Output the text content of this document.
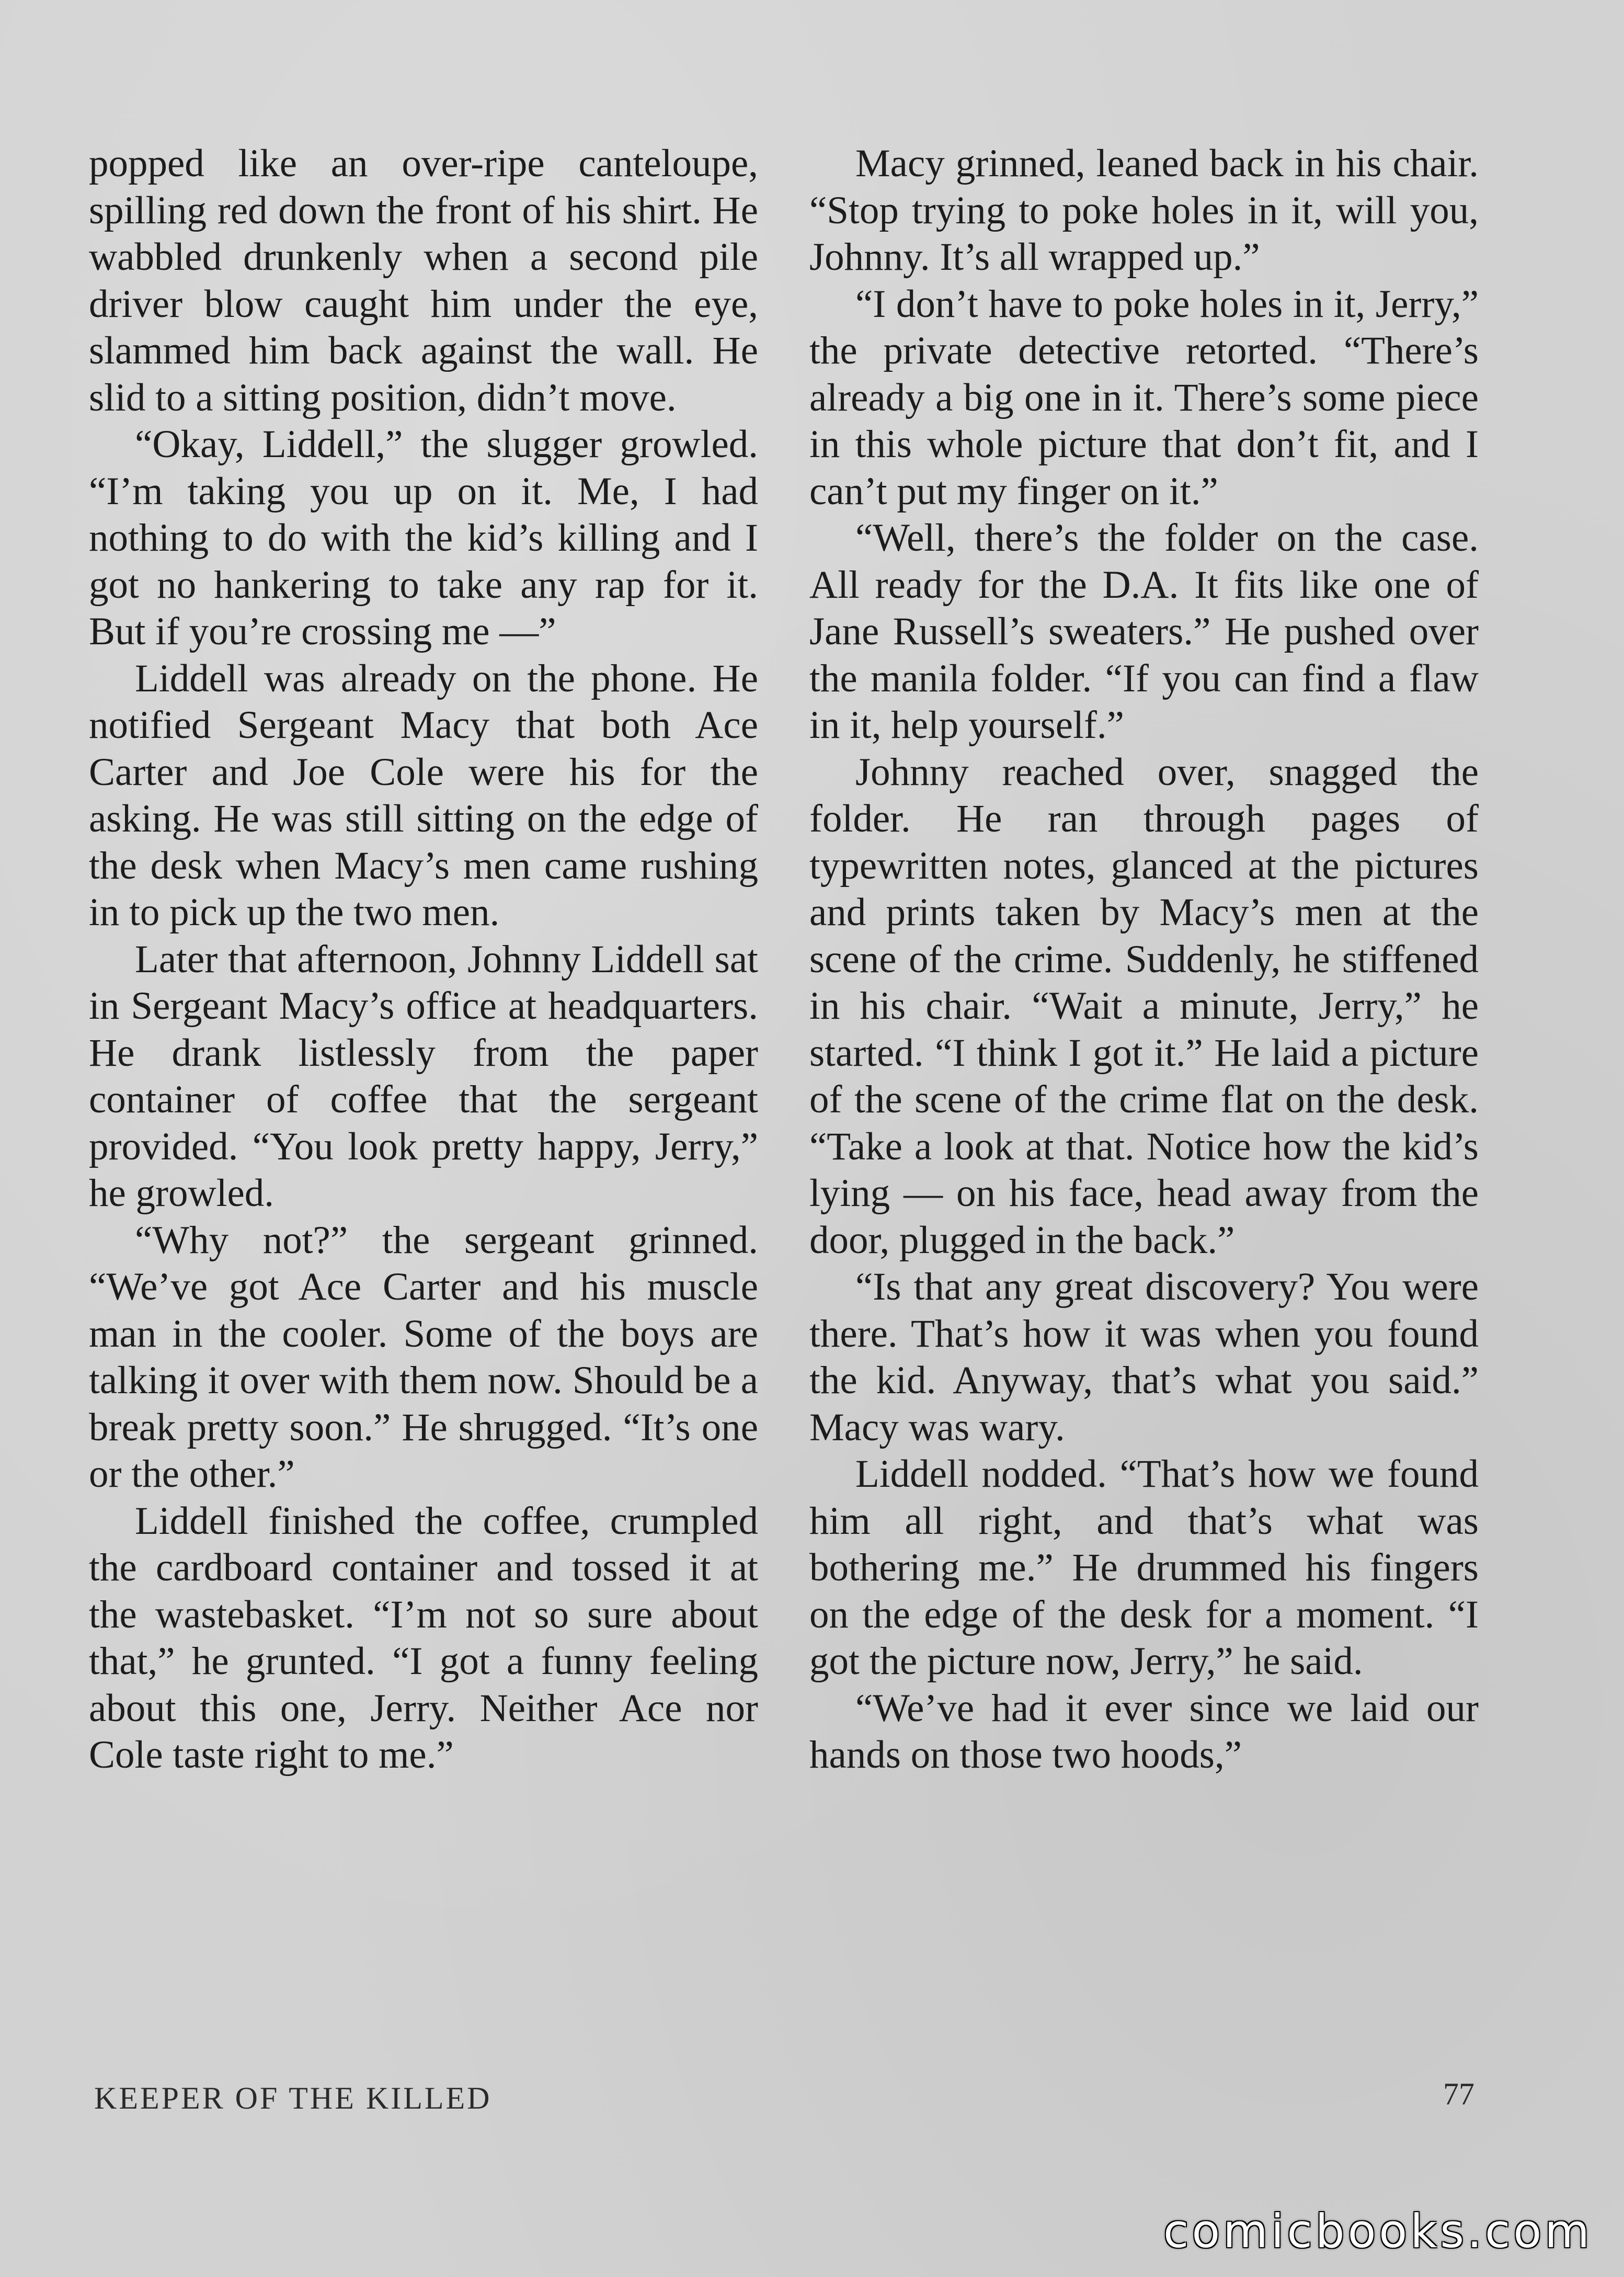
popped like an over-ripe canteloupe, spilling red down the front of his shirt. He wabbled drunkenly when a second pile driver blow caught him under the eye, slammed him back against the wall. He slid to a sitting position, didn’t move.

“Okay, Liddell,” the slugger growled. “I’m taking you up on it. Me, I had nothing to do with the kid’s killing and I got no hankering to take any rap for it. But if you’re crossing me —”

Liddell was already on the phone. He notified Sergeant Macy that both Ace Carter and Joe Cole were his for the asking. He was still sitting on the edge of the desk when Macy’s men came rushing in to pick up the two men.

Later that afternoon, Johnny Liddell sat in Sergeant Macy’s office at headquarters. He drank listlessly from the paper container of coffee that the sergeant provided. “You look pretty happy, Jerry,” he growled.

“Why not?” the sergeant grinned. “We’ve got Ace Carter and his muscle man in the cooler. Some of the boys are talking it over with them now. Should be a break pretty soon.” He shrugged. “It’s one or the other.”

Liddell finished the coffee, crumpled the cardboard container and tossed it at the wastebasket. “I’m not so sure about that,” he grunted. “I got a funny feeling about this one, Jerry. Neither Ace nor Cole taste right to me.”

Macy grinned, leaned back in his chair. “Stop trying to poke holes in it, will you, Johnny. It’s all wrapped up.”

“I don’t have to poke holes in it, Jerry,” the private detective retorted. “There’s already a big one in it. There’s some piece in this whole picture that don’t fit, and I can’t put my finger on it.”

“Well, there’s the folder on the case. All ready for the D.A. It fits like one of Jane Russell’s sweaters.” He pushed over the manila folder. “If you can find a flaw in it, help yourself.”

Johnny reached over, snagged the folder. He ran through pages of typewritten notes, glanced at the pictures and prints taken by Macy’s men at the scene of the crime. Suddenly, he stiffened in his chair. “Wait a minute, Jerry,” he started. “I think I got it.” He laid a picture of the scene of the crime flat on the desk. “Take a look at that. Notice how the kid’s lying — on his face, head away from the door, plugged in the back.”

“Is that any great discovery? You were there. That’s how it was when you found the kid. Anyway, that’s what you said.” Macy was wary.

Liddell nodded. “That’s how we found him all right, and that’s what was bothering me.” He drummed his fingers on the edge of the desk for a moment. “I got the picture now, Jerry,” he said.

“We’ve had it ever since we laid our hands on those two hoods,”

KEEPER OF THE KILLED	77
comicbooks.com
